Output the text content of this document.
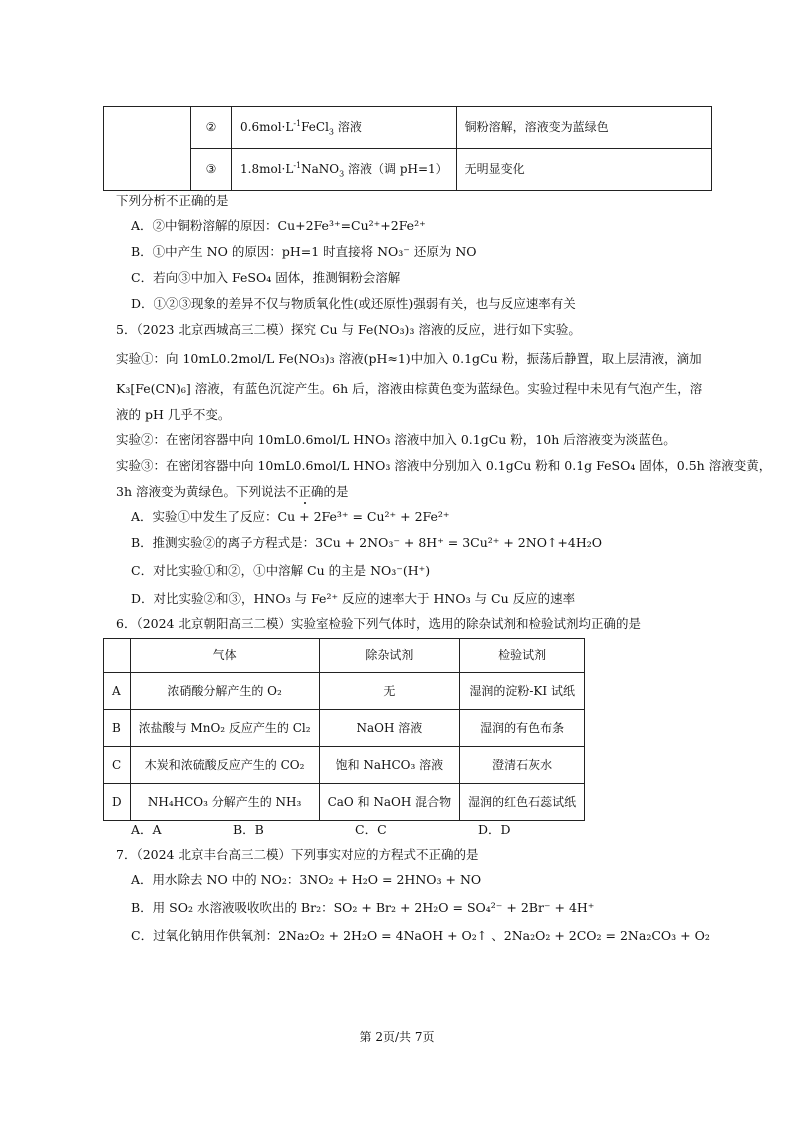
	②	$0.6mol\cdot L^{-1}FeCl_3$ 溶液	铜粉溶解，溶液变为蓝绿色
	③	$1.8mol\cdot L^{-1}NaNO_3$ 溶液（调 pH=1）	无明显变化
下列分析不正确的是
A．②中铜粉溶解的原因：Cu+2Fe³⁺=Cu²⁺+2Fe²⁺
B．①中产生 NO 的原因：pH=1 时直接将 NO₃⁻ 还原为 NO
C．若向③中加入 FeSO₄ 固体，推测铜粉会溶解
D．①②③现象的差异不仅与物质氧化性(或还原性)强弱有关，也与反应速率有关
5．（2023 北京西城高三二模）探究 Cu 与 Fe(NO₃)₃ 溶液的反应，进行如下实验。
实验①：向 10mL0.2mol/L Fe(NO₃)₃ 溶液(pH≈1)中加入 0.1gCu 粉，振荡后静置，取上层清液，滴加
K₃[Fe(CN)₆] 溶液，有蓝色沉淀产生。6h 后，溶液由棕黄色变为蓝绿色。实验过程中未见有气泡产生，溶
液的 pH 几乎不变。
实验②：在密闭容器中向 10mL0.6mol/L HNO₃ 溶液中加入 0.1gCu 粉，10h 后溶液变为淡蓝色。
实验③：在密闭容器中向 10mL0.6mol/L HNO₃ 溶液中分别加入 0.1gCu 粉和 0.1g FeSO₄ 固体，0.5h 溶液变黄，
3h 溶液变为黄绿色。下列说法不正确的是
A．实验①中发生了反应：Cu + 2Fe³⁺ = Cu²⁺ + 2Fe²⁺
B．推测实验②的离子方程式是：3Cu + 2NO₃⁻ + 8H⁺ = 3Cu²⁺ + 2NO↑+4H₂O
C．对比实验①和②，①中溶解 Cu 的主是 NO₃⁻(H⁺)
D．对比实验②和③，HNO₃ 与 Fe²⁺ 反应的速率大于 HNO₃ 与 Cu 反应的速率
6．（2024 北京朝阳高三二模）实验室检验下列气体时，选用的除杂试剂和检验试剂均正确的是
	气体	除杂试剂	检验试剂
A	浓硝酸分解产生的 O₂	无	湿润的淀粉-KI 试纸
B	浓盐酸与 MnO₂ 反应产生的 Cl₂	NaOH 溶液	湿润的有色布条
C	木炭和浓硫酸反应产生的 CO₂	饱和 NaHCO₃ 溶液	澄清石灰水
D	NH₄HCO₃ 分解产生的 NH₃	CaO 和 NaOH 混合物	湿润的红色石蕊试纸
A．A	B．B	C．C	D．D
7．（2024 北京丰台高三二模）下列事实对应的方程式不正确的是
A．用水除去 NO 中的 NO₂：3NO₂ + H₂O = 2HNO₃ + NO
B．用 SO₂ 水溶液吸收吹出的 Br₂：SO₂ + Br₂ + 2H₂O = SO₄²⁻ + 2Br⁻ + 4H⁺
C．过氧化钠用作供氧剂：2Na₂O₂ + 2H₂O = 4NaOH + O₂↑ 、2Na₂O₂ + 2CO₂ = 2Na₂CO₃ + O₂
第 2页/共 7页
